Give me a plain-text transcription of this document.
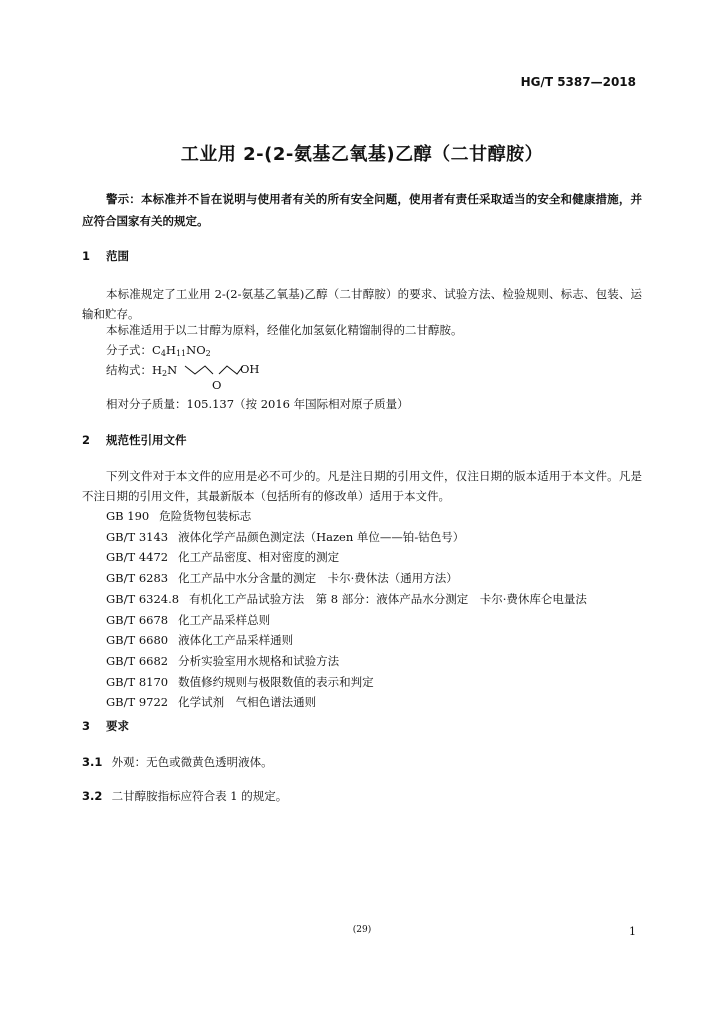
HG/T 5387—2018
工业用 2-(2-氨基乙氧基)乙醇（二甘醇胺）
警示：本标准并不旨在说明与使用者有关的所有安全问题，使用者有责任采取适当的安全和健康措施，并应符合国家有关的规定。
1 范围
本标准规定了工业用 2-(2-氨基乙氧基)乙醇（二甘醇胺）的要求、试验方法、检验规则、标志、包装、运输和贮存。
本标准适用于以二甘醇为原料，经催化加氢氨化精馏制得的二甘醇胺。
分子式：$C_4H_{11}NO_2$
结构式：$H_2N$
O
OH
相对分子质量：105.137（按 2016 年国际相对原子质量）
2 规范性引用文件
下列文件对于本文件的应用是必不可少的。凡是注日期的引用文件，仅注日期的版本适用于本文件。凡是不注日期的引用文件，其最新版本（包括所有的修改单）适用于本文件。
GB 190 危险货物包装标志
GB/T 3143 液体化学产品颜色测定法（Hazen 单位——铂-钴色号）
GB/T 4472 化工产品密度、相对密度的测定
GB/T 6283 化工产品中水分含量的测定　卡尔·费休法（通用方法）
GB/T 6324.8 有机化工产品试验方法　第 8 部分：液体产品水分测定　卡尔·费休库仑电量法
GB/T 6678 化工产品采样总则
GB/T 6680 液体化工产品采样通则
GB/T 6682 分析实验室用水规格和试验方法
GB/T 8170 数值修约规则与极限数值的表示和判定
GB/T 9722 化学试剂　气相色谱法通则
3 要求
3.1 外观：无色或微黄色透明液体。
3.2 二甘醇胺指标应符合表 1 的规定。
(29)	1
